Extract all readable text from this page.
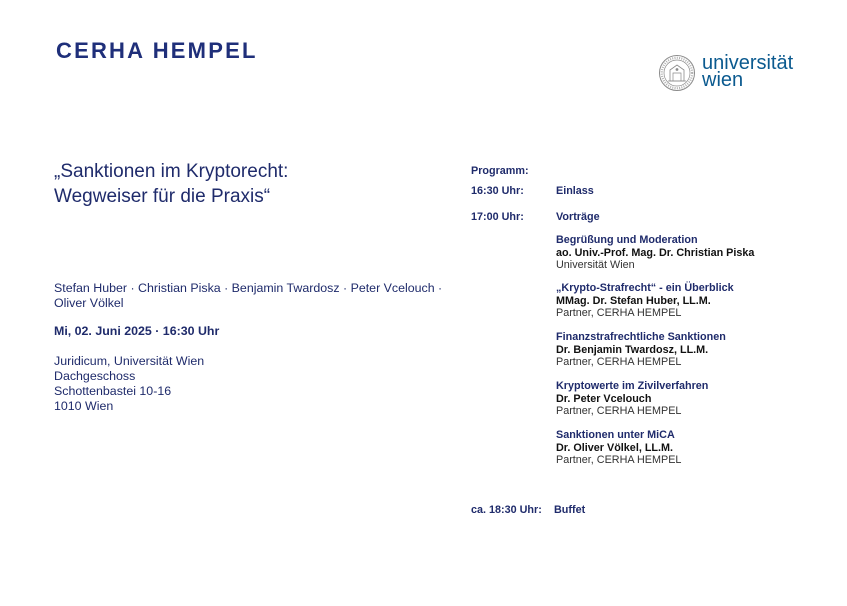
CERHA HEMPEL	universität
wien
„Sanktionen im Kryptorecht:
Wegweiser für die Praxis“
Stefan Huber · Christian Piska · Benjamin Twardosz · Peter Vcelouch · Oliver Völkel
Mi, 02. Juni 2025 · 16:30 Uhr
Juridicum, Universität Wien
Dachgeschoss
Schottenbastei 10-16
1010 Wien
Programm:
16:30 Uhr:	Einlass
17:00 Uhr:	Vorträge
Begrüßung und Moderation
ao. Univ.-Prof. Mag. Dr. Christian Piska
Universität Wien
„Krypto-Strafrecht“ - ein Überblick
MMag. Dr. Stefan Huber, LL.M.
Partner, CERHA HEMPEL
Finanzstrafrechtliche Sanktionen
Dr. Benjamin Twardosz, LL.M.
Partner, CERHA HEMPEL
Kryptowerte im Zivilverfahren
Dr. Peter Vcelouch
Partner, CERHA HEMPEL
Sanktionen unter MiCA
Dr. Oliver Völkel, LL.M.
Partner, CERHA HEMPEL
ca. 18:30 Uhr: Buffet
